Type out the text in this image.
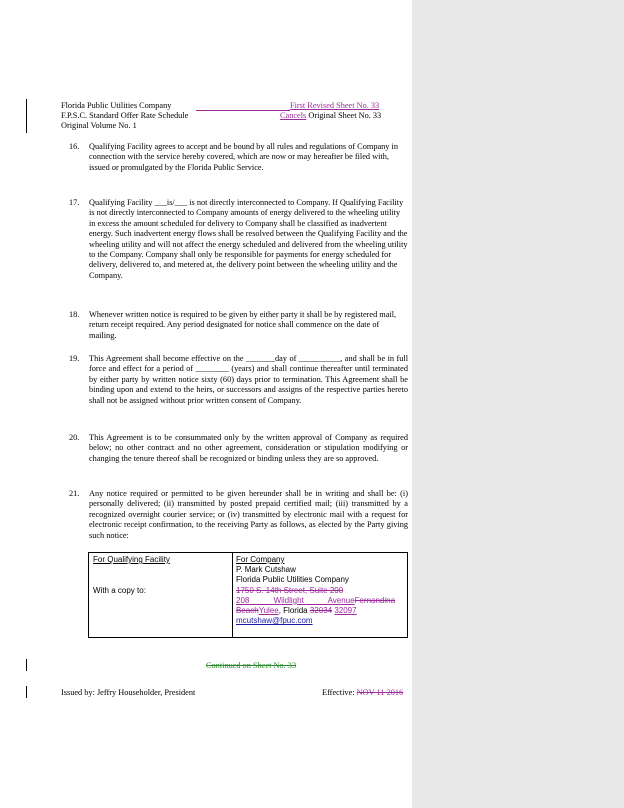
Florida Public Utilities Company
F.P.S.C. Standard Offer Rate Schedule
Original Volume No. 1
First Revised Sheet No. 33
Cancels Original Sheet No. 33
16. Qualifying Facility agrees to accept and be bound by all rules and regulations of Company in connection with the service hereby covered, which are now or may hereafter be filed with, issued or promulgated by the Florida Public Service.
17. Qualifying Facility ___is/___ is not directly interconnected to Company. If Qualifying Facility is not directly interconnected to Company amounts of energy delivered to the wheeling utility in excess the amount scheduled for delivery to Company shall be classified as inadvertent energy. Such inadvertent energy flows shall be resolved between the Qualifying Facility and the wheeling utility and will not affect the energy scheduled and delivered from the wheeling utility to the Company. Company shall only be responsible for payments for energy scheduled for delivery, delivered to, and metered at, the delivery point between the wheeling utility and the Company.
18. Whenever written notice is required to be given by either party it shall be by registered mail, return receipt required. Any period designated for notice shall commence on the date of mailing.
19. This Agreement shall become effective on the _______day of __________, and shall be in full force and effect for a period of ________ (years) and shall continue thereafter until terminated by either party by written notice sixty (60) days prior to termination. This Agreement shall be binding upon and extend to the heirs, or successors and assigns of the respective parties hereto shall not be assigned without prior written consent of Company.
20. This Agreement is to be consummated only by the written approval of Company as required below; no other contract and no other agreement, consideration or stipulation modifying or changing the tenure thereof shall be recognized or binding unless they are so approved.
21. Any notice required or permitted to be given hereunder shall be in writing and shall be: (i) personally delivered; (ii) transmitted by posted prepaid certified mail; (iii) transmitted by a recognized overnight courier service; or (iv) transmitted by electronic mail with a request for electronic receipt confirmation, to the receiving Party as follows, as elected by the Party giving such notice:
For Qualifying Facility
With a copy to:
For Company
P. Mark Cutshaw
Florida Public Utilities Company
1750 S. 14th Street, Suite 200
208 Wildlight AvenueFernandina
BeachYulee, Florida 32034 32097
mcutshaw@fpuc.com
Continued on Sheet No. 33
Issued by: Jeffry Householder, President	Effective: NOV 11 2016
